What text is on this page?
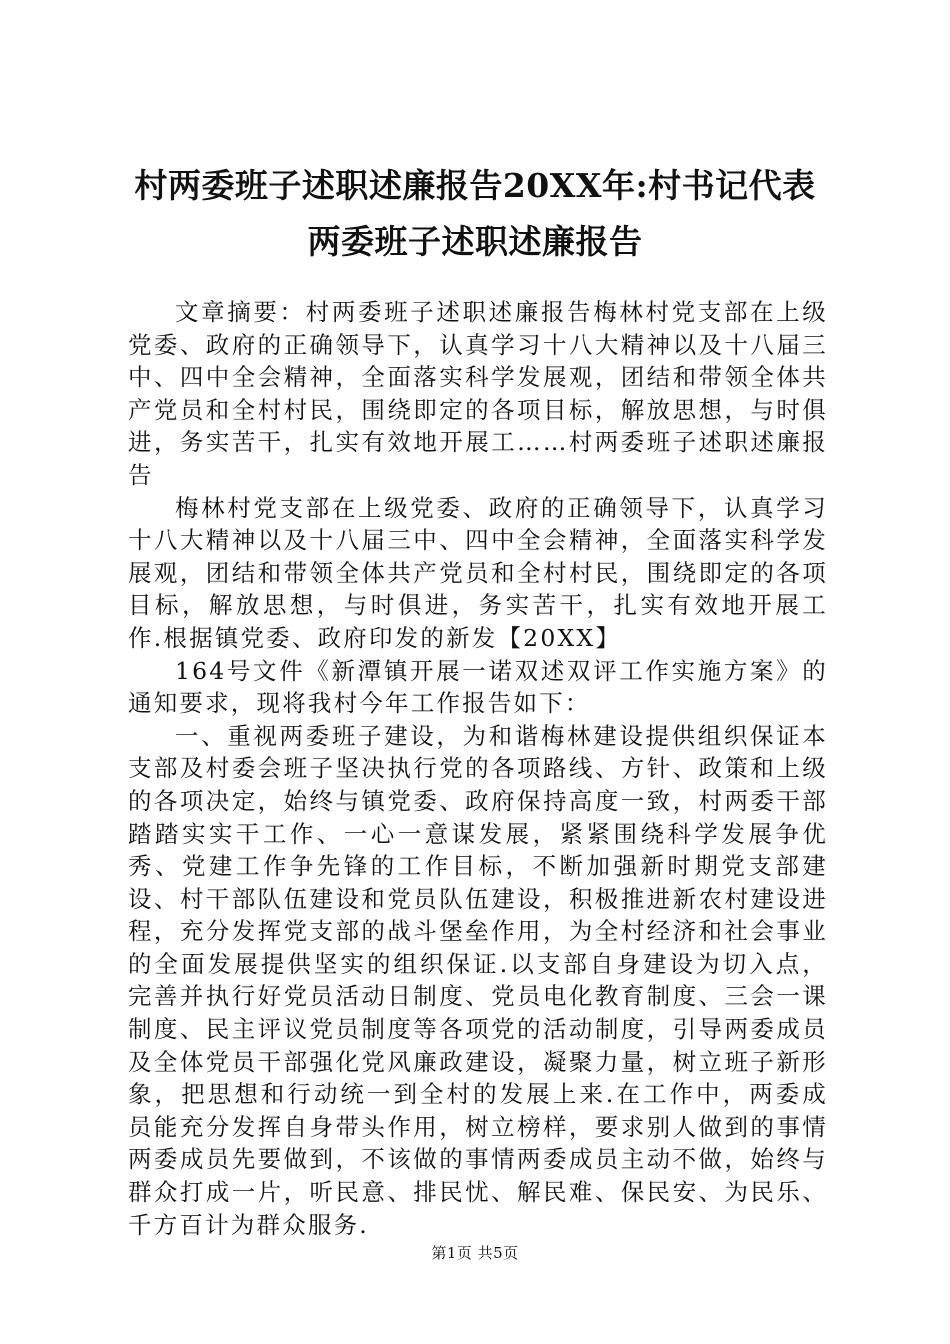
村两委班子述职述廉报告20XX年:村书记代表两委班子述职述廉报告

文章摘要：村两委班子述职述廉报告梅林村党支部在上级党委、政府的正确领导下，认真学习十八大精神以及十八届三中、四中全会精神，全面落实科学发展观，团结和带领全体共产党员和全村村民，围绕即定的各项目标，解放思想，与时俱进，务实苦干，扎实有效地开展工……村两委班子述职述廉报告

梅林村党支部在上级党委、政府的正确领导下，认真学习十八大精神以及十八届三中、四中全会精神，全面落实科学发展观，团结和带领全体共产党员和全村村民，围绕即定的各项目标，解放思想，与时俱进，务实苦干，扎实有效地开展工作.根据镇党委、政府印发的新发【20XX】

164号文件《新潭镇开展一诺双述双评工作实施方案》的通知要求，现将我村今年工作报告如下：

一、重视两委班子建设，为和谐梅林建设提供组织保证本支部及村委会班子坚决执行党的各项路线、方针、政策和上级的各项决定，始终与镇党委、政府保持高度一致，村两委干部踏踏实实干工作、一心一意谋发展，紧紧围绕科学发展争优秀、党建工作争先锋的工作目标，不断加强新时期党支部建设、村干部队伍建设和党员队伍建设，积极推进新农村建设进程，充分发挥党支部的战斗堡垒作用，为全村经济和社会事业的全面发展提供坚实的组织保证.以支部自身建设为切入点，完善并执行好党员活动日制度、党员电化教育制度、三会一课制度、民主评议党员制度等各项党的活动制度，引导两委成员及全体党员干部强化党风廉政建设，凝聚力量，树立班子新形象，把思想和行动统一到全村的发展上来.在工作中，两委成员能充分发挥自身带头作用，树立榜样，要求别人做到的事情两委成员先要做到，不该做的事情两委成员主动不做，始终与群众打成一片，听民意、排民忧、解民难、保民安、为民乐、千方百计为群众服务.

第1页 共5页
